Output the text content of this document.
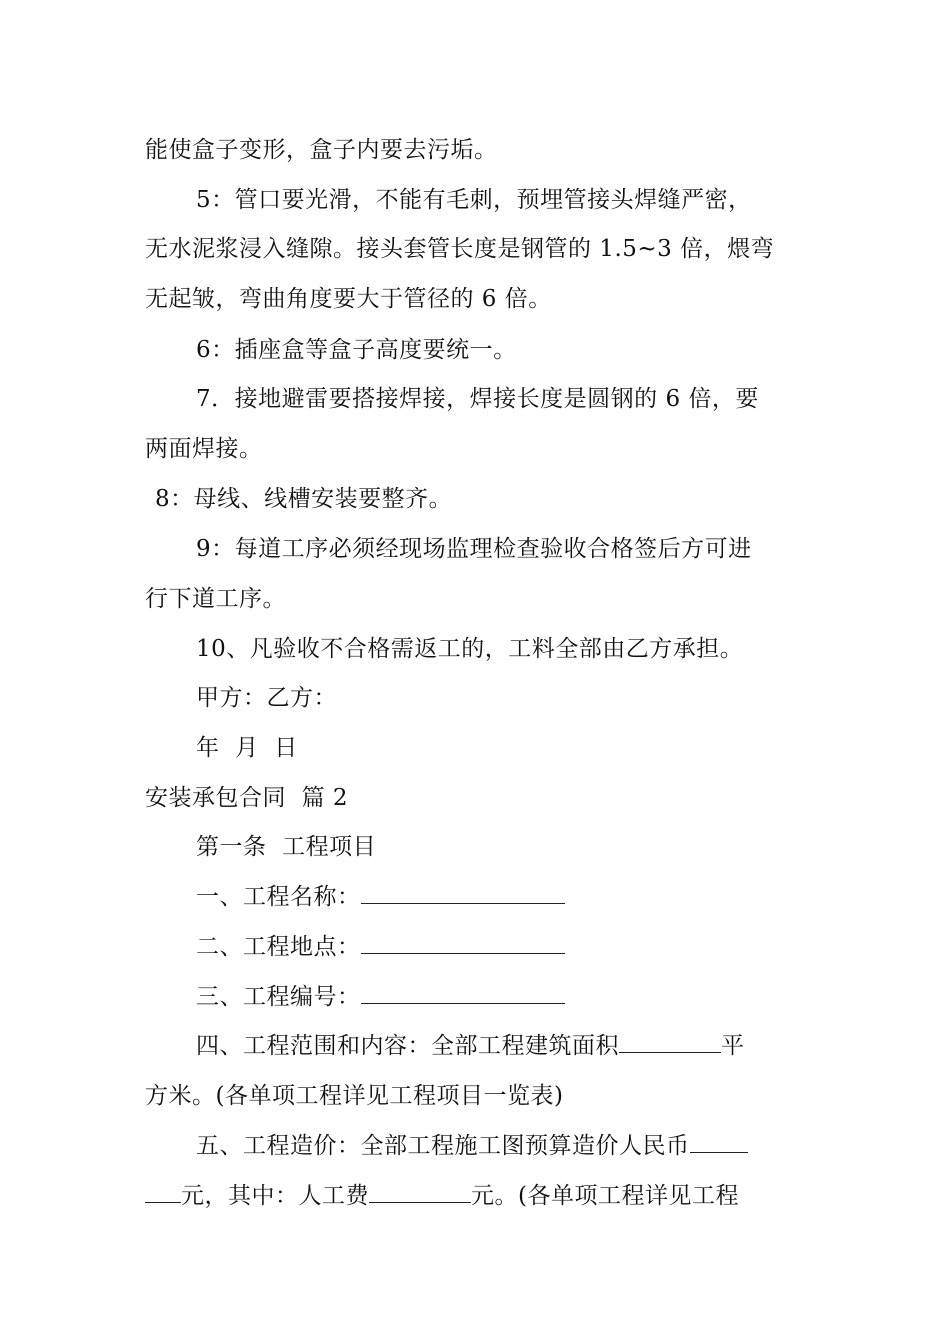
能使盒子变形，盒子内要去污垢。
5：管口要光滑，不能有毛刺，预埋管接头焊缝严密，
无水泥浆浸入缝隙。接头套管长度是钢管的 1.5~3 倍，煨弯
无起皱，弯曲角度要大于管径的 6 倍。
6：插座盒等盒子高度要统一。
7．接地避雷要搭接焊接，焊接长度是圆钢的 6 倍，要
两面焊接。
8：母线、线槽安装要整齐。
9：每道工序必须经现场监理检查验收合格签后方可进
行下道工序。
10、凡验收不合格需返工的，工料全部由乙方承担。
甲方：乙方：
年  月  日
安装承包合同  篇 2
第一条  工程项目
一、工程名称：
二、工程地点：
三、工程编号：
四、工程范围和内容：全部工程建筑面积	平
方米。(各单项工程详见工程项目一览表)
五、工程造价：全部工程施工图预算造价人民币
元，其中：人工费	元。(各单项工程详见工程
